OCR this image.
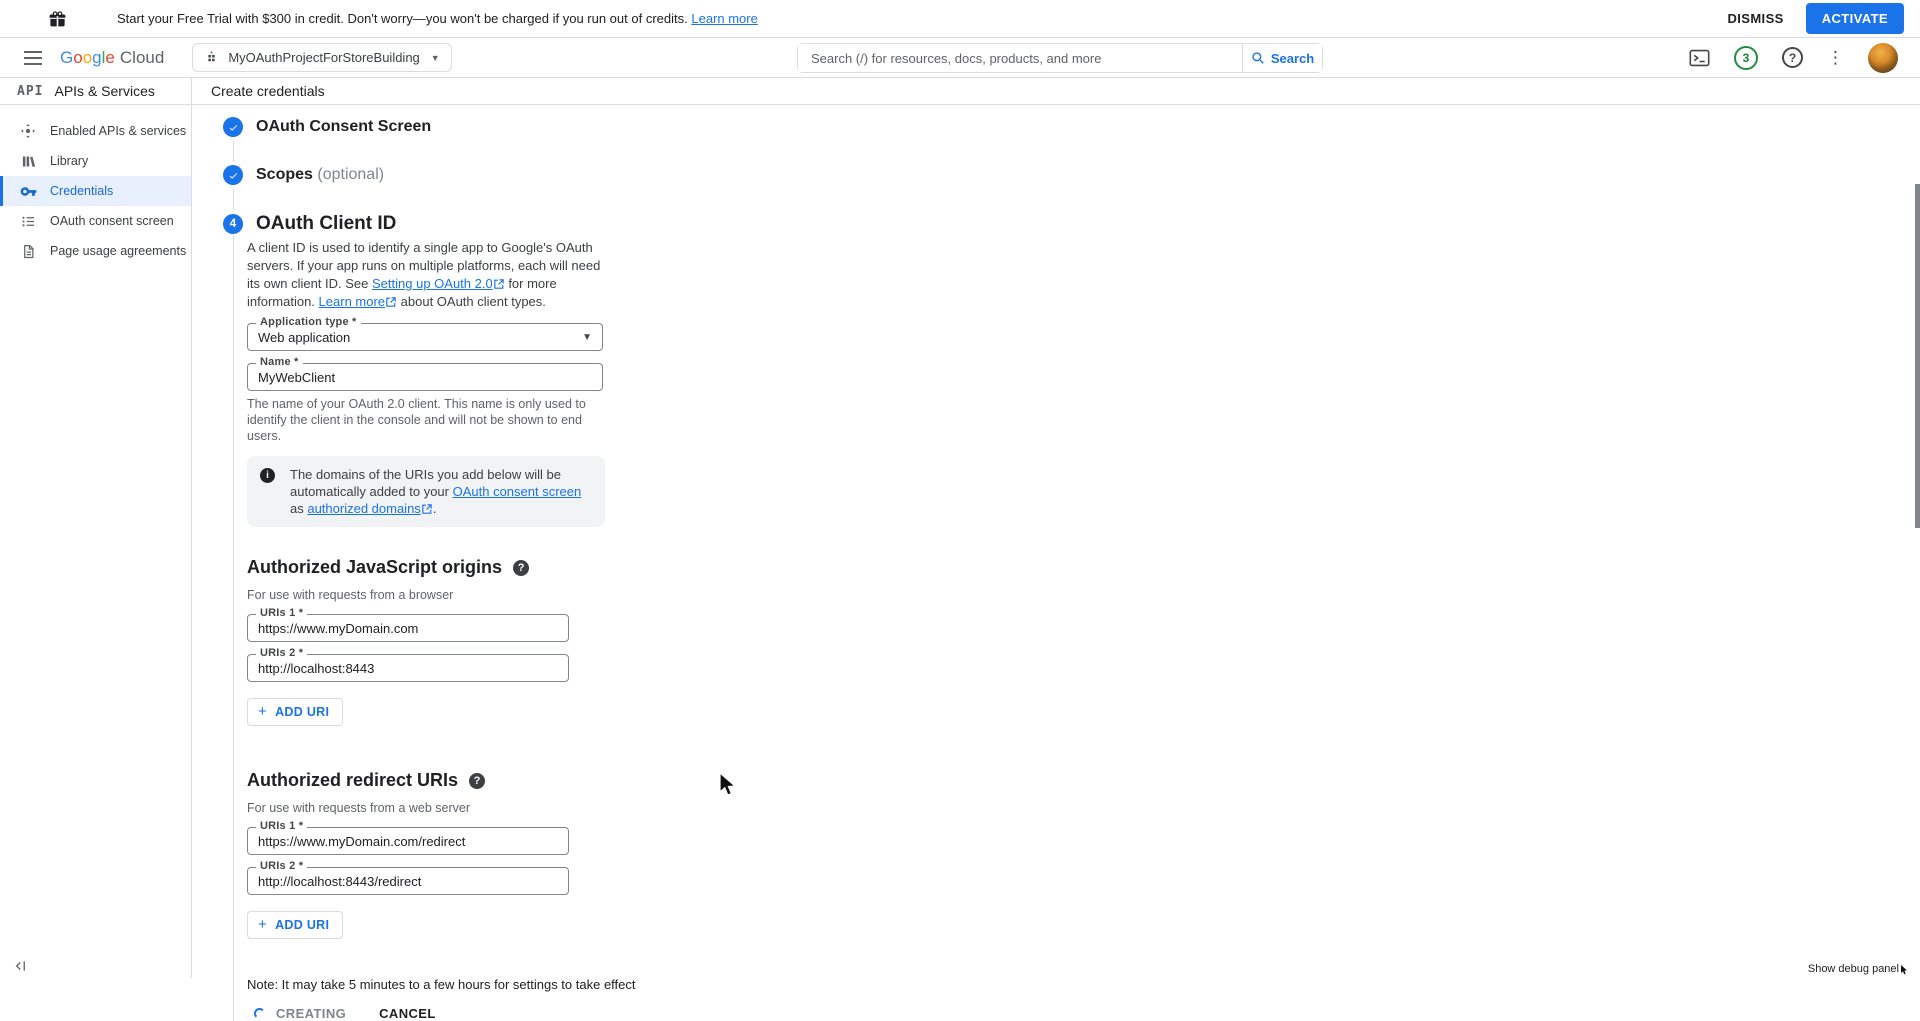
Start your Free Trial with $300 in credit. Don't worry—you won't be charged if you run out of credits. Learn more	DISMISS	ACTIVATE
Google Cloud	MyOAuthProjectForStoreBuilding ▼
Search (/) for resources, docs, products, and more	Search	3	?	⋮
API APIs & Services
Enabled APIs & services
Library
Credentials
OAuth consent screen
Page usage agreements
Create credentials
OAuth Consent Screen
Scopes (optional)
4	OAuth Client ID

A client ID is used to identify a single app to Google's OAuth servers. If your app runs on multiple platforms, each will need its own client ID. See Setting up OAuth 2.0
for more information. Learn more
about OAuth client types.

Application type *
Web application	▼
Name *
MyWebClient
The name of your OAuth 2.0 client. This name is only used to identify the client in the console and will not be shown to end users.
i	The domains of the URIs you add below will be automatically added to your OAuth consent screen as authorized domains .
Authorized JavaScript origins	?
For use with requests from a browser
URIs 1 *
https://www.myDomain.com
URIs 2 *
http://localhost:8443
+ ADD URI
Authorized redirect URIs	?
For use with requests from a web server
URIs 1 *
https://www.myDomain.com/redirect
URIs 2 *
http://localhost:8443/redirect
+ ADD URI
Note: It may take 5 minutes to a few hours for settings to take effect
CREATING	CANCEL
Show debug panel
